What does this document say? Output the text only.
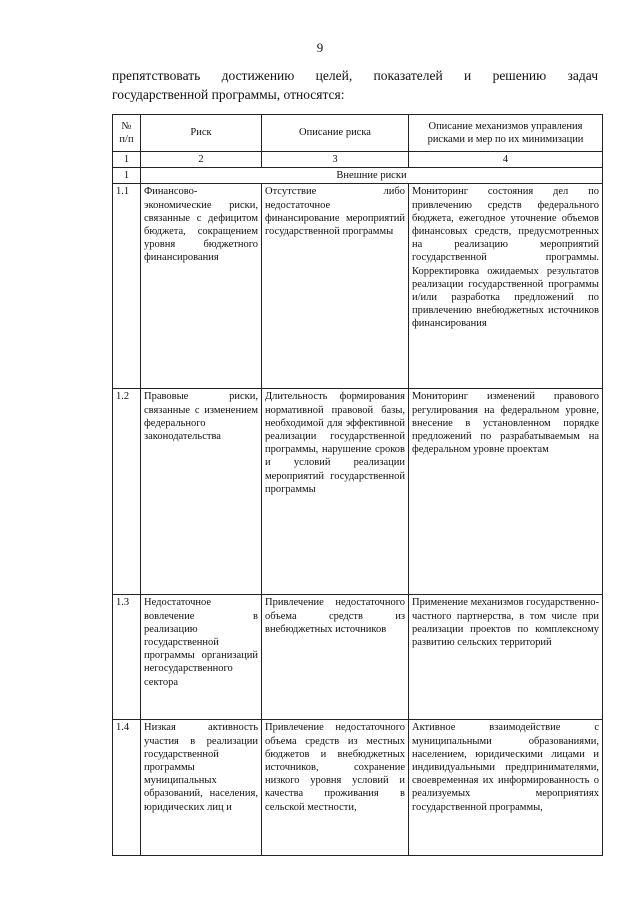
9
препятствовать достижению целей, показателей и решению задач
государственной программы, относятся:
№ п/п	Риск	Описание риска	Описание механизмов управления рисками и мер по их минимизации
1	2	3	4
1	Внешние риски		
1.1	Финансово-экономические риски, связанные с дефицитом бюджета, сокращением уровня бюджетного финансирования	Отсутствие либо недостаточное финансирование мероприятий государственной программы	Мониторинг состояния дел по привлечению средств федерального бюджета, ежегодное уточнение объемов финансовых средств, предусмотренных на реализацию мероприятий государственной программы. Корректировка ожидаемых результатов реализации государственной программы и/или разработка предложений по привлечению внебюджетных источников финансирования
1.2	Правовые риски, связанные с изменением федерального законодательства	Длительность формирования нормативной правовой базы, необходимой для эффективной реализации государственной программы, нарушение сроков и условий реализации мероприятий государственной программы	Мониторинг изменений правового регулирования на федеральном уровне, внесение в установленном порядке предложений по разрабатываемым на федеральном уровне проектам
1.3	Недостаточное вовлечение в реализацию государственной программы организаций негосударственного сектора	Привлечение недостаточного объема средств из внебюджетных источников	Применение механизмов государственно-частного партнерства, в том числе при реализации проектов по комплексному развитию сельских территорий
1.4	Низкая активность участия в реализации государственной программы муниципальных образований, населения, юридических лиц и	Привлечение недостаточного объема средств из местных бюджетов и внебюджетных источников, сохранение низкого уровня условий и качества проживания в сельской местности,	Активное взаимодействие с муниципальными образованиями, населением, юридическими лицами и индивидуальными предпринимателями, своевременная их информированность о реализуемых мероприятиях государственной программы,
